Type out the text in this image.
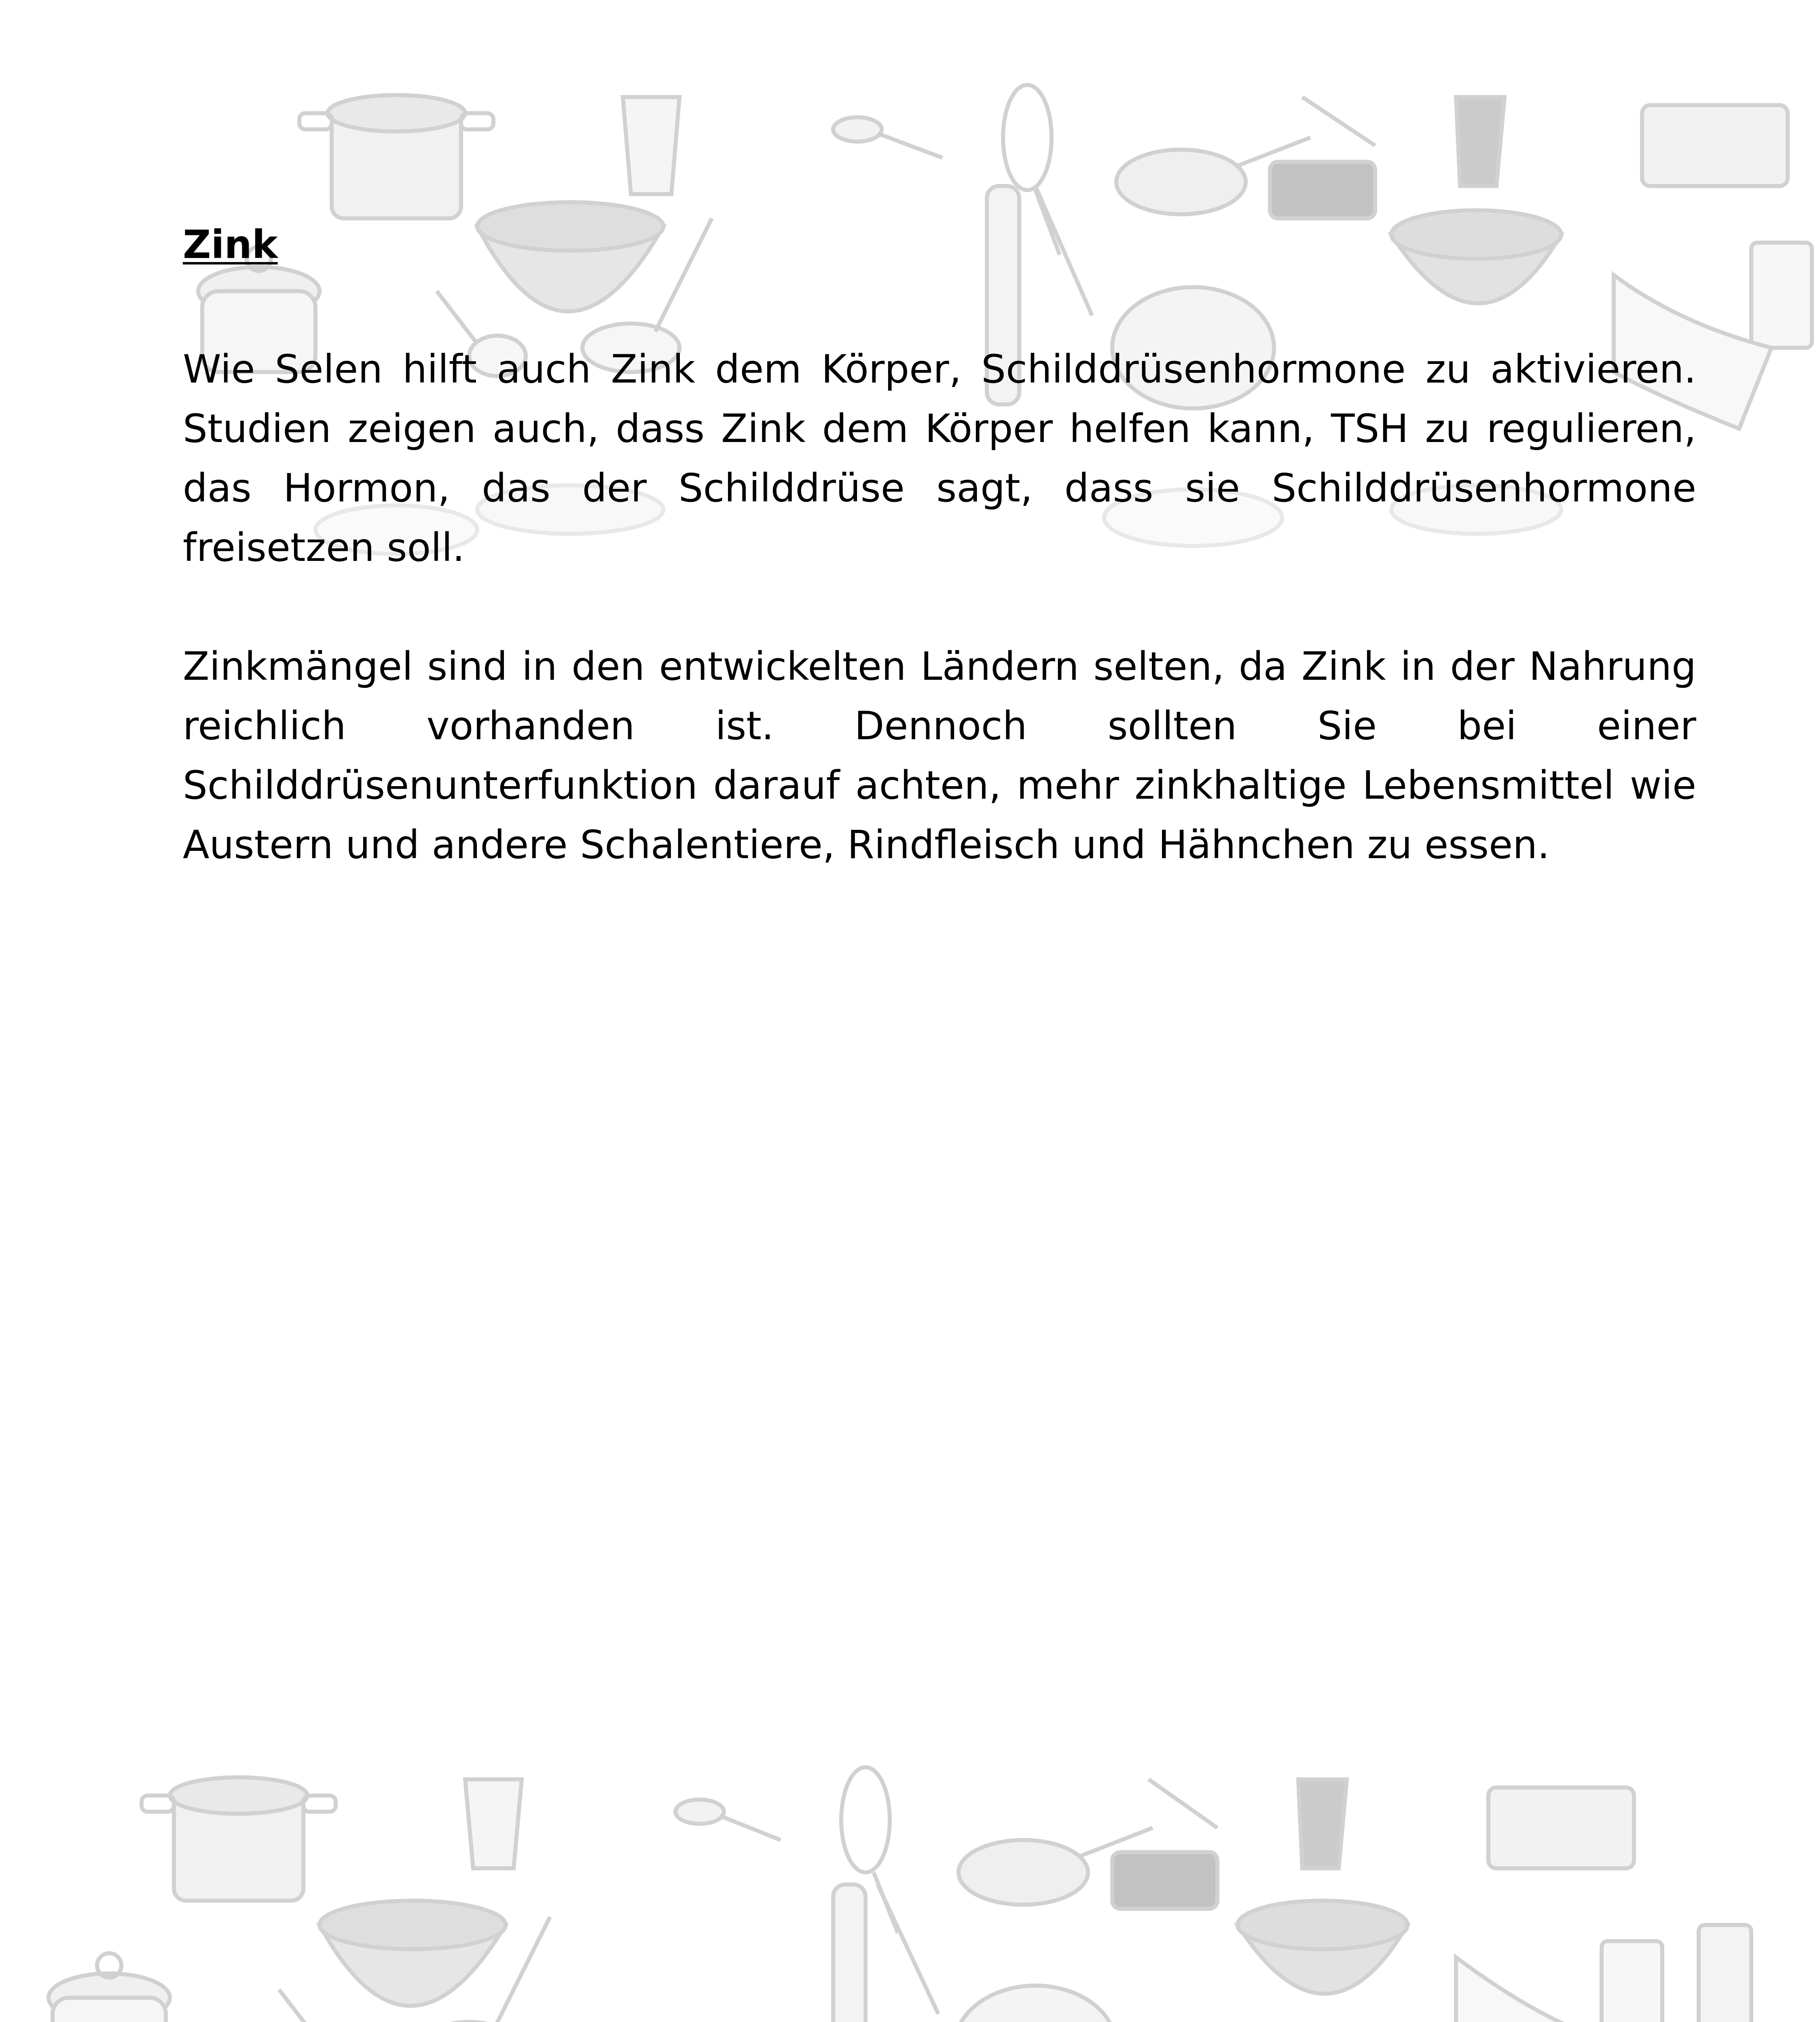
Zink

Wie Selen hilft auch Zink dem Körper, Schilddrüsenhormone zu aktivieren. Studien zeigen auch, dass Zink dem Körper helfen kann, TSH zu regulieren, das Hormon, das der Schilddrüse sagt, dass sie Schilddrüsenhormone freisetzen soll.

Zinkmängel sind in den entwickelten Ländern selten, da Zink in der Nahrung reichlich vorhanden ist. Dennoch sollten Sie bei einer Schilddrüsenunterfunktion darauf achten, mehr zinkhaltige Lebensmittel wie Austern und andere Schalentiere, Rindfleisch und Hähnchen zu essen.
